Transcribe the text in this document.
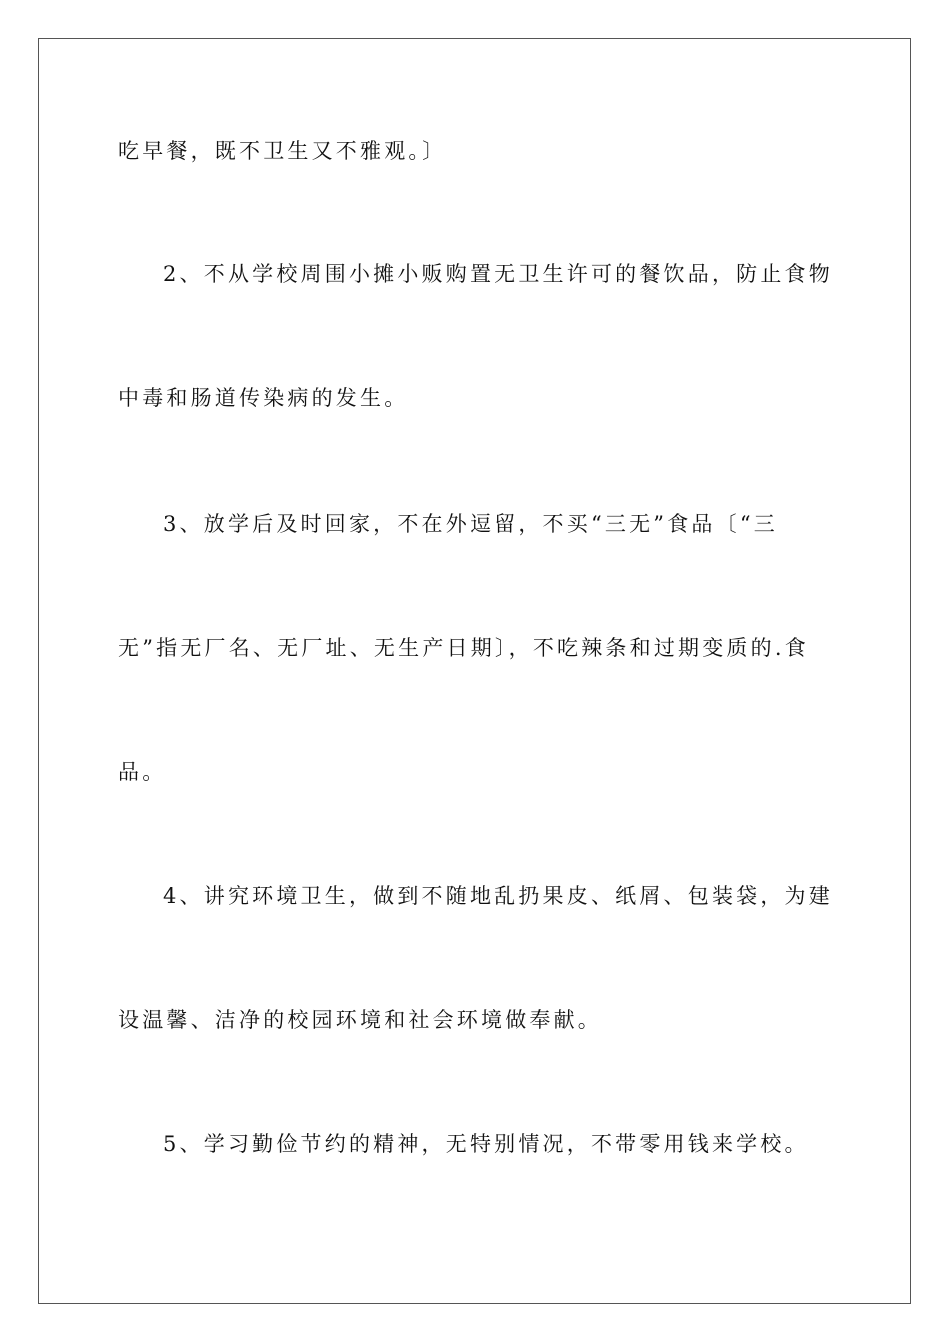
吃早餐，既不卫生又不雅观。〕
2、不从学校周围小摊小贩购置无卫生许可的餐饮品，防止食物
中毒和肠道传染病的发生。
3、放学后及时回家，不在外逗留，不买“三无”食品〔“三
无”指无厂名、无厂址、无生产日期〕，不吃辣条和过期变质的.食
品。
4、讲究环境卫生，做到不随地乱扔果皮、纸屑、包装袋，为建
设温馨、洁净的校园环境和社会环境做奉献。
5、学习勤俭节约的精神，无特别情况，不带零用钱来学校。
